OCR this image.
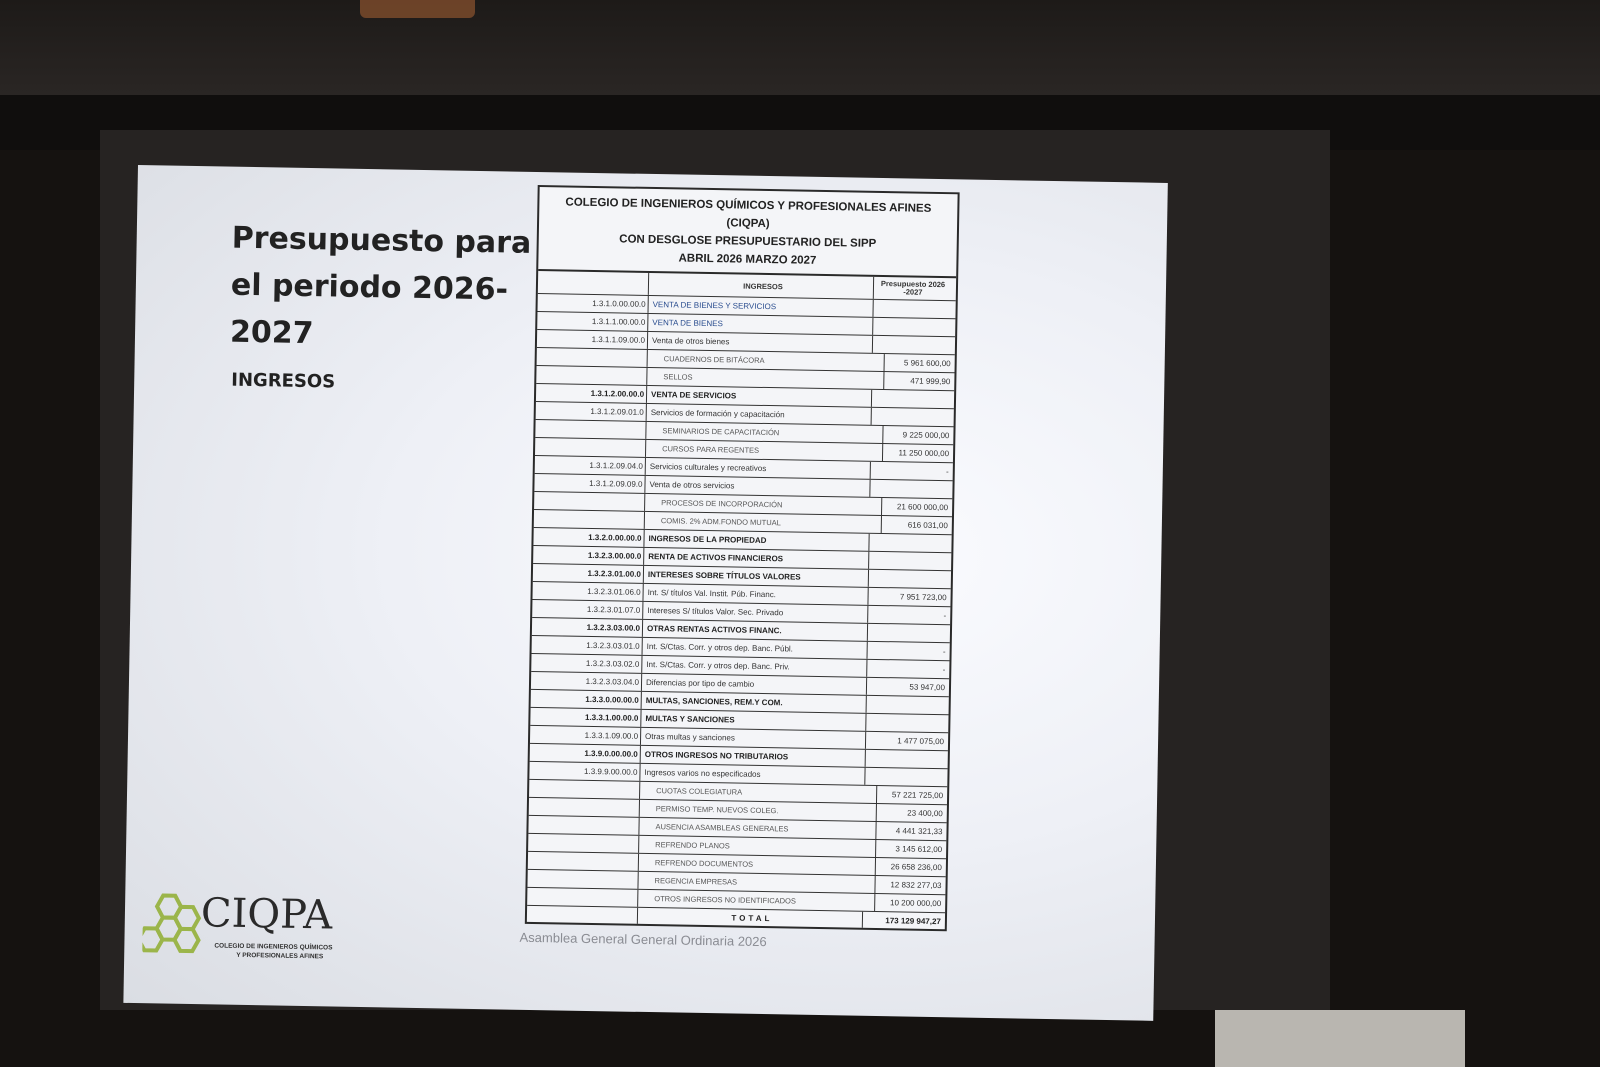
Presupuesto para el periodo 2026-2027
INGRESOS
COLEGIO DE INGENIEROS QUÍMICOS Y PROFESIONALES AFINES
(CIQPA)
CON DESGLOSE PRESUPUESTARIO DEL SIPP
ABRIL 2026 MARZO 2027
INGRESOS	Presupuesto 2026 -2027
1.3.1.0.00.00.0 VENTA DE BIENES Y SERVICIOS
1.3.1.1.00.00.0 VENTA DE BIENES
1.3.1.1.09.00.0 Venta de otros bienes
CUADERNOS DE BITÁCORA	5 961 600,00
SELLOS	471 999,90
1.3.1.2.00.00.0 VENTA DE SERVICIOS
1.3.1.2.09.01.0 Servicios de formación y capacitación
SEMINARIOS DE CAPACITACIÓN	9 225 000,00
CURSOS PARA REGENTES	11 250 000,00
1.3.1.2.09.04.0 Servicios culturales y recreativos	-
1.3.1.2.09.09.0 Venta de otros servicios
PROCESOS DE INCORPORACIÓN	21 600 000,00
COMIS. 2% ADM.FONDO MUTUAL	616 031,00
1.3.2.0.00.00.0 INGRESOS DE LA PROPIEDAD
1.3.2.3.00.00.0 RENTA DE ACTIVOS FINANCIEROS
1.3.2.3.01.00.0 INTERESES SOBRE TÍTULOS VALORES
1.3.2.3.01.06.0 Int. S/ títulos Val. Instit. Púb. Financ.	7 951 723,00
1.3.2.3.01.07.0 Intereses S/ títulos Valor. Sec. Privado	-
1.3.2.3.03.00.0 OTRAS RENTAS ACTIVOS FINANC.
1.3.2.3.03.01.0 Int. S/Ctas. Corr. y otros dep. Banc. Públ.	-
1.3.2.3.03.02.0 Int. S/Ctas. Corr. y otros dep. Banc. Priv.	-
1.3.2.3.03.04.0 Diferencias por tipo de cambio	53 947,00
1.3.3.0.00.00.0 MULTAS, SANCIONES, REM.Y COM.
1.3.3.1.00.00.0 MULTAS Y SANCIONES
1.3.3.1.09.00.0 Otras multas y sanciones	1 477 075,00
1.3.9.0.00.00.0 OTROS INGRESOS NO TRIBUTARIOS
1.3.9.9.00.00.0 Ingresos varios no especificados
CUOTAS COLEGIATURA	57 221 725,00
PERMISO TEMP. NUEVOS COLEG.	23 400,00
AUSENCIA ASAMBLEAS GENERALES	4 441 321,33
REFRENDO PLANOS	3 145 612,00
REFRENDO DOCUMENTOS	26 658 236,00
REGENCIA EMPRESAS	12 832 277,03
OTROS INGRESOS NO IDENTIFICADOS	10 200 000,00
TOTAL	173 129 947,27
CIQPA
COLEGIO DE INGENIEROS QUÍMICOS
Y PROFESIONALES AFINES
Asamblea General General Ordinaria 2026
